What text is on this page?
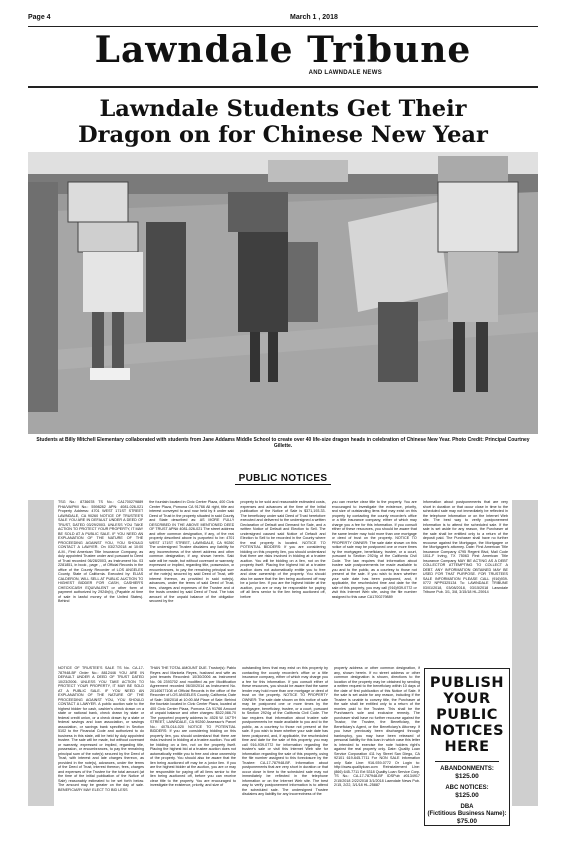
Page 4	March 1 , 2018
Lawndale Tribune
AND LAWNDALE NEWS
Lawndale Students Get Their
Dragon on for Chinese New Year
Students at Billy Mitchell Elementary collaborated with students from Jane Addams Middle School to create over 40 life-size dragon heads in celebration of Chinese New Year. Photo Credit: Principal Courtney Gillette.
PUBLIC NOTICES
TSG No.: 8736678 TS No.: CA1700279889 FHA/VA/PMI No.: 5598282 APN: 4081-026-021 Property Address: 4701 WEST 171ST STREET LAWNDALE, CA 90260 NOTICE OF TRUSTEE'S SALE YOU ARE IN DEFAULT UNDER A DEED OF TRUST, DATED 03/29/2003. UNLESS YOU TAKE ACTION TO PROTECT YOUR PROPERTY, IT MAY BE SOLD AT A PUBLIC SALE. IF YOU NEED AN EXPLANATION OF THE NATURE OF THE PROCEEDING AGAINST YOU, YOU SHOULD CONTACT A LAWYER. On 03/27/2018 at 10:00 A.M., First American Title Insurance Company, as duly appointed Trustee under and pursuant to Deed of Trust recorded 06/28/2003, as Instrument No. 03 2281851, in book , page , , of Official Records in the office of the County Recorder of LOS ANGELES County, State of California. Executed by: ELIAS CALDERON, WILL SELL AT PUBLIC AUCTION TO HIGHEST BIDDER FOR CASH, CASHIER'S CHECK/CASH EQUIVALENT or other form of payment authorized by 2924h(b), (Payable at time of sale in lawful money of the United States). Behind
the fountain located in Civic Center Plaza, 400 Civic Center Plaza, Pomona CA 91766 All right, title and interest conveyed to and now held by it under said Deed of Trust in the property situated in said County and State described as: AS MORE FULLY DESCRIBED IN THE ABOVE MENTIONED DEED OF TRUST APN# 4081-026-021 The street address and other common designation, if any, of the real property described above is purported to be: 4701 WEST 171ST STREET, LAWNDALE, CA 90260 The undersigned Trustee disclaims any liability for any incorrectness of the street address and other common designation, if any, shown herein. Said sale will be made, but without covenant or warranty, expressed or implied, regarding title, possession, or encumbrances, to pay the remaining principal sum of the note(s) secured by said Deed of Trust, with interest thereon, as provided in said note(s), advances, under the terms of said Deed of Trust, fees, charges and expenses of the Trustee and of the trusts created by said Deed of Trust. The total amount of the unpaid balance of the obligation secured by the
property to be sold and reasonable estimated costs, expenses and advances at the time of the initial publication of the Notice of Sale is $371,193.33. The beneficiary under said Deed of Trust heretofore executed and delivered to the undersigned a written Declaration of Default and Demand for Sale, and a written Notice of Default and Election to Sell. The undersigned caused said Notice of Default and Election to Sell to be recorded in the County where the real property is located. NOTICE TO POTENTIAL BIDDERS: If you are considering bidding on this property lien, you should understand that there are risks involved in bidding at a trustee auction. You will be bidding on a lien, not on the property itself. Placing the highest bid at a trustee auction does not automatically entitle you to free and clear ownership of the property. You should also be aware that the lien being auctioned off may be a junior lien. If you are the highest bidder at the auction, you are or may be responsible for paying off all liens senior to the lien being auctioned off, before
you can receive clear title to the property. You are encouraged to investigate the existence, priority, and size of outstanding liens that may exist on this property by contacting the county recorder's office or a title insurance company, either of which may charge you a fee for this information. If you consult either of these resources, you should be aware that the same lender may hold more than one mortgage or deed of trust on the property. NOTICE TO PROPERTY OWNER: The sale date shown on this notice of sale may be postponed one or more times by the mortgagee, beneficiary, trustee, or a court, pursuant to Section 2924g of the California Civil Code. The law requires that information about trustee sale postponements be made available to you and to the public, as a courtesy to those not present at the sale. If you wish to learn whether your sale date has been postponed, and, if applicable, the rescheduled time and date for the sale of this property, you may call (916)939-0772 or visit this Internet Web site, using the file number assigned to this case CA1700279889
Information about postponements that are very short in duration or that occur close in time to the scheduled sale may not immediately be reflected in the telephone information or on the Internet Web site. The best way to verify postponement information is to attend the scheduled sale. If the sale is set aside for any reason, the Purchaser at the sale shall be entitled only to a return of the deposit paid. The Purchaser shall have no further recourse against the Mortgagor, the Mortgagee or the Mortgagee's attorney. Date: First American Title Insurance Company 4795 Regent Blvd, Mail Code 1011-F Irving, TX 75063 First American Title Insurance Company MAY BE ACTING AS A DEBT COLLECTOR ATTEMPTING TO COLLECT A DEBT. ANY INFORMATION OBTAINED MAY BE USED FOR THAT PURPOSE. FOR TRUSTEES SALE INFORMATION PLEASE CALL (916)939-0772 NPP0325134 To: LAWNDALE TRIBUNE 03/01/2018, 03/08/2018, 03/15/2018 Lawndale Tribune Pub. 3/1, 3/8, 3/15/18 HL-25914
NOTICE OF TRUSTEE'S SALE TS No. CA-17-787948-BF Order No.: 8812446 YOU ARE IN DEFAULT UNDER A DEED OF TRUST DATED 10/23/2006. UNLESS YOU TAKE ACTION TO PROTECT YOUR PROPERTY, IT MAY BE SOLD AT A PUBLIC SALE. IF YOU NEED AN EXPLANATION OF THE NATURE OF THE PROCEEDING AGAINST YOU, YOU SHOULD CONTACT A LAWYER. A public auction sale to the highest bidder for cash, cashier's check drawn on a state or national bank, check drawn by state or federal credit union, or a check drawn by a state or federal savings and loan association, or savings association, or savings bank specified in Section 5102 to the Financial Code and authorized to do business in this state, will be held by duly appointed trustee. The sale will be made, but without covenant or warranty, expressed or implied, regarding title, possession, or encumbrances, to pay the remaining principal sum of the note(s) secured by the Deed of Trust, with interest and late charges thereon, as provided in the note(s), advances, under the terms of the Deed of Trust, interest thereon, fees, charges and expenses of the Trustee for the total amount (at the time of the initial publication of the Notice of Sale) reasonably estimated to be set forth below. The amount may be greater on the day of sale. BENEFICIARY MAY ELECT TO BID LESS
THAN THE TOTAL AMOUNT DUE. Trustor(s): Pablo Reyes and Maricela Reyes, husband and wife as joint tenants Recorded: 10/30/2006 as Instrument No. 06 2393702 and modified as per Modification Agreement recorded 06/30/2014 as Instrument No. 20140677108 of Official Records in the office of the Recorder of LOS ANGELES County, California; Date of Sale: 3/8/2018 at 10:00 AM Place of Sale: Behind the fountain located in Civic Center Plaza, located at 400 Civic Center Plaza, Pomona CA 91766 Amount of unpaid balance and other charges: $522,086.70 The purported property address is: 4528 W. 167TH STREET, LAWNDALE, CA 90260 Assessor's Parcel No.: 4075-014-020 NOTICE TO POTENTIAL BIDDERS: If you are considering bidding on this property lien, you should understand that there are risks involved in bidding at a trustee auction. You will be bidding on a lien, not on the property itself. Placing the highest bid at a trustee auction does not automatically entitle you to free and clear ownership of the property. You should also be aware that the lien being auctioned off may be a junior lien. If you are the highest bidder at the auction, you are or may be responsible for paying off all liens senior to the lien being auctioned off, before you can receive clear title to the property. You are encouraged to investigate the existence, priority, and size of
outstanding liens that may exist on this property by contacting the county recorder's office or a title insurance company, either of which may charge you a fee for this information. If you consult either of these resources, you should be aware that the same lender may hold more than one mortgage or deed of trust on the property. NOTICE TO PROPERTY OWNER: The sale date shown on this notice of sale may be postponed one or more times by the mortgagee, beneficiary, trustee, or a court, pursuant to Section 2924g of the California Civil Code. The law requires that information about trustee sale postponements be made available to you and to the public, as a courtesy to those not present at the sale. If you wish to learn whether your sale date has been postponed, and, if applicable, the rescheduled time and date for the sale of this property, you may call 916-939-0772 for information regarding the trustee's sale or visit this Internet Web site for information regarding the sale of this property, using the file number assigned to this foreclosure by the Trustee: CA-17-787948-BF. Information about postponements that are very short in duration or that occur close in time to the scheduled sale may not immediately be reflected in the telephone information or on the Internet Web site. The best way to verify postponement information is to attend the scheduled sale. The undersigned Trustee disclaims any liability for any incorrectness of the
property address or other common designation, if any, shown herein. If no street address or other common designation is shown, directions to the location of the property may be obtained by sending a written request to the beneficiary within 10 days of the date of first publication of this Notice of Sale. If the sale is set aside for any reason, including if the Trustee is unable to convey title, the Purchaser at the sale shall be entitled only to a return of the monies paid to the Trustee. This shall be the Purchaser's sole and exclusive remedy. The purchaser shall have no further recourse against the Trustor, the Trustee, the Beneficiary, the Beneficiary's Agent, or the Beneficiary's Attorney. If you have previously been discharged through bankruptcy, you may have been released of personal liability for this loan in which case this letter is intended to exercise the note holders right's against the real property only. Date: Quality Loan Service Corporation 411 Ivy Street San Diego, CA 92101 619-645-7711 For NON SALE information only Sale Line: 916-939-0772 Or Login to: http://www.qualityloan.com Reinstatement Line: (866) 645-7711 Ext 5318 Quality Loan Service Corp. TS No.: CA-17-787948-BF IDSPub #0134917 2/15/2018 2/22/2018 3/1/2018 Lawndale News Pub. 2/15, 2/22, 3/1/18 HL-25887
PUBLISH
YOUR
PUBLIC
NOTICES
HERE
ABANDONMENTS:
$125.00
ABC NOTICES:
$125.00
DBA
(Fictitious Business Name):
$75.00
